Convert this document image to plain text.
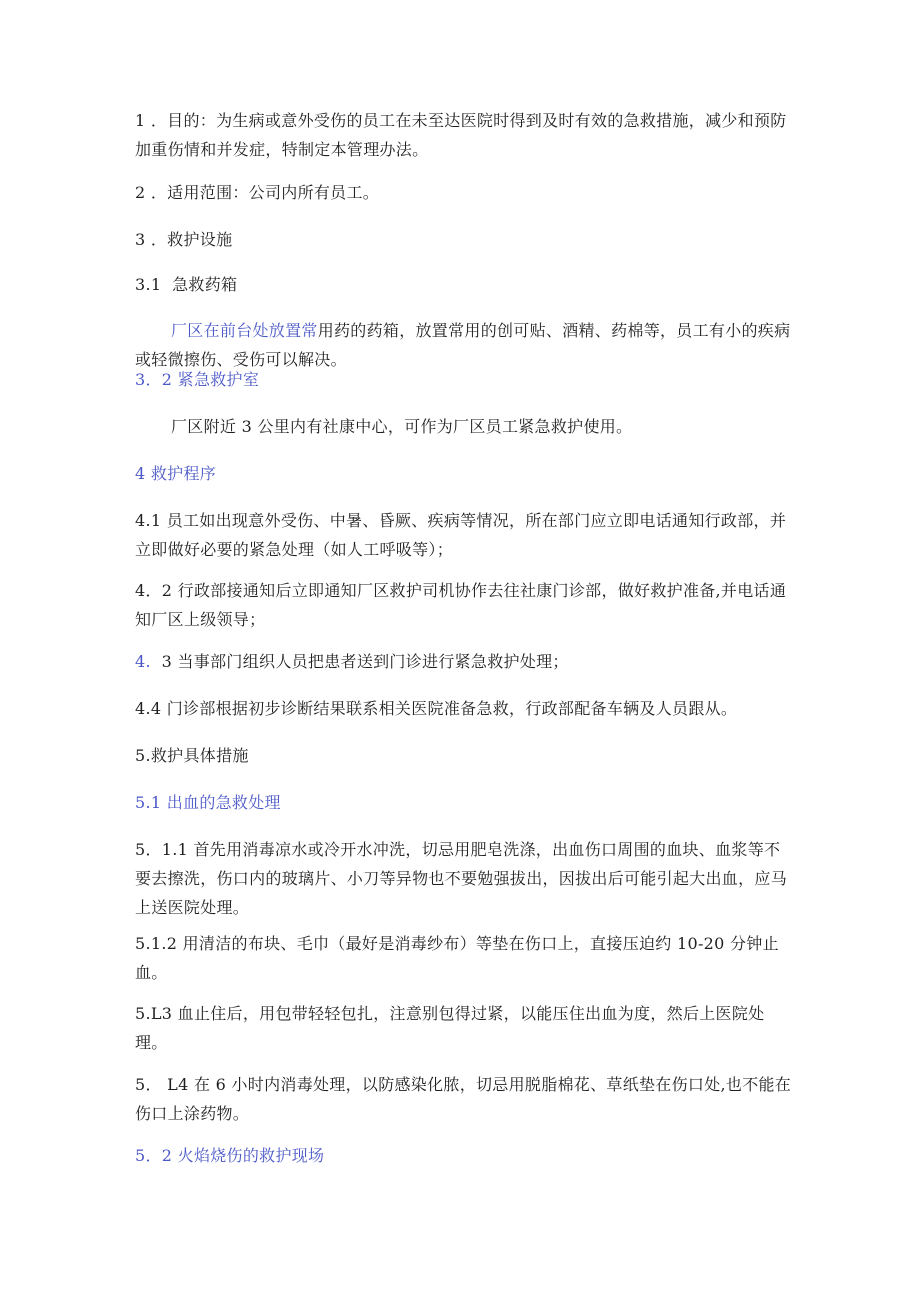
1 ．目的：为生病或意外受伤的员工在未至达医院时得到及时有效的急救措施，减少和预防加重伤情和并发症，特制定本管理办法。
2 ．适用范围：公司内所有员工。
3 ．救护设施
3.1  急救药箱
厂区在前台处放置常用药的药箱，放置常用的创可贴、酒精、药棉等，员工有小的疾病或轻微擦伤、受伤可以解决。
3．2 紧急救护室
厂区附近 3 公里内有社康中心，可作为厂区员工紧急救护使用。
4 救护程序
4.1 员工如出现意外受伤、中暑、昏厥、疾病等情况，所在部门应立即电话通知行政部，并立即做好必要的紧急处理（如人工呼吸等）；
4．2 行政部接通知后立即通知厂区救护司机协作去往社康门诊部，做好救护准备,并电话通知厂区上级领导；
4.  3 当事部门组织人员把患者送到门诊进行紧急救护处理；
4.4 门诊部根据初步诊断结果联系相关医院准备急救，行政部配备车辆及人员跟从。
5.救护具体措施
5.1 出血的急救处理
5．1.1 首先用消毒凉水或冷开水冲洗，切忌用肥皂洗涤，出血伤口周围的血块、血浆等不要去擦洗，伤口内的玻璃片、小刀等异物也不要勉强拔出，因拔出后可能引起大出血，应马上送医院处理。
5.1.2 用清洁的布块、毛巾（最好是消毒纱布）等垫在伤口上，直接压迫约 10-20 分钟止血。
5.L3 血止住后，用包带轻轻包扎，注意别包得过紧，以能压住出血为度，然后上医院处理。
5． L4 在 6 小时内消毒处理，以防感染化脓，切忌用脱脂棉花、草纸垫在伤口处,也不能在伤口上涂药物。
5．2 火焰烧伤的救护现场
